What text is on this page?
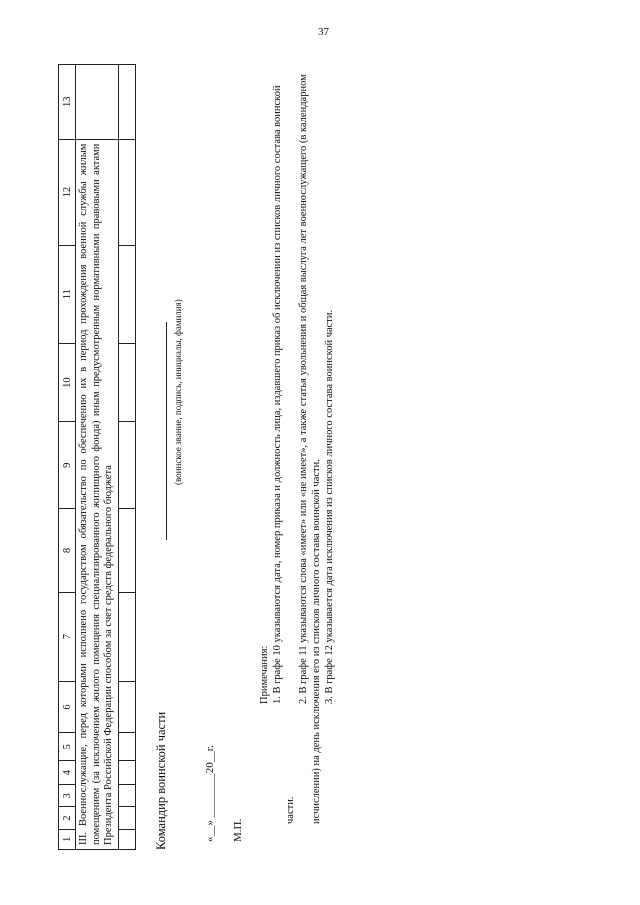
37
1	2	3	4	5	6	7	8	9	10	11	12	13
III. Военнослужащие, перед которыми исполнено государством обязательство по обеспечению их в период прохождения военной службы жилым помещением (за исключением жилого помещения специализированного жилищного фонда) иным предусмотренным нормативными правовыми актами Президента Российской Федерации способом за счет средств федерального бюджета												
													Командир воинской части
(воинское звание, подпись, инициалы, фамилия)
«__» ________20__г. М.П.
Примечания: 1. В графе 10 указываются дата, номер приказа и должность лица, издавшего приказ об исключении из списков личного состава воинской части.
2. В графе 11 указываются слова «имеет» или «не имеет», а также статья увольнения и общая выслуга лет военнослужащего (в календарном исчислении) на день исключения его из списков личного состава воинской части. 3. В графе 12 указывается дата исключения из списков личного состава воинской части.
